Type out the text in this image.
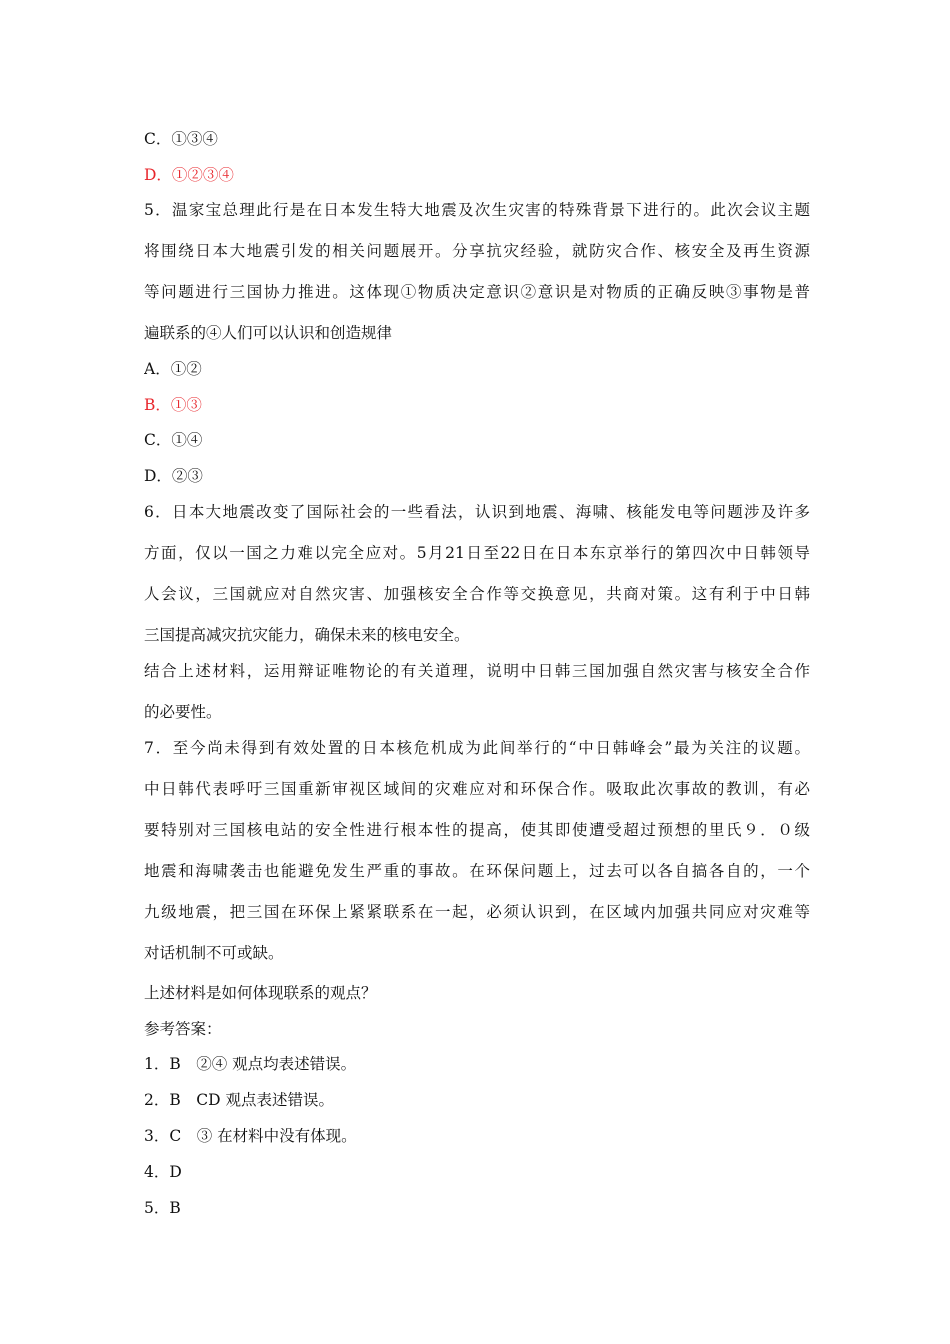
C．①③④
D．①②③④
5．温家宝总理此行是在日本发生特大地震及次生灾害的特殊背景下进行的。此次会议主题
将围绕日本大地震引发的相关问题展开。分享抗灾经验，就防灾合作、核安全及再生资源
等问题进行三国协力推进。这体现①物质决定意识②意识是对物质的正确反映③事物是普
遍联系的④人们可以认识和创造规律
A．①②
B．①③
C．①④
D．②③
6．日本大地震改变了国际社会的一些看法，认识到地震、海啸、核能发电等问题涉及许多
方面，仅以一国之力难以完全应对。5月21日至22日在日本东京举行的第四次中日韩领导
人会议，三国就应对自然灾害、加强核安全合作等交换意见，共商对策。这有利于中日韩
三国提高减灾抗灾能力，确保未来的核电安全。
结合上述材料，运用辩证唯物论的有关道理，说明中日韩三国加强自然灾害与核安全合作
的必要性。
7．至今尚未得到有效处置的日本核危机成为此间举行的“中日韩峰会”最为关注的议题。
中日韩代表呼吁三国重新审视区域间的灾难应对和环保合作。吸取此次事故的教训，有必
要特别对三国核电站的安全性进行根本性的提高，使其即使遭受超过预想的里氏９．０级
地震和海啸袭击也能避免发生严重的事故。在环保问题上，过去可以各自搞各自的，一个
九级地震，把三国在环保上紧紧联系在一起，必须认识到，在区域内加强共同应对灾难等
对话机制不可或缺。
上述材料是如何体现联系的观点？
参考答案：
1．B　②④ 观点均表述错误。
2．B　CD 观点表述错误。
3．C　③ 在材料中没有体现。
4．D
5．B
